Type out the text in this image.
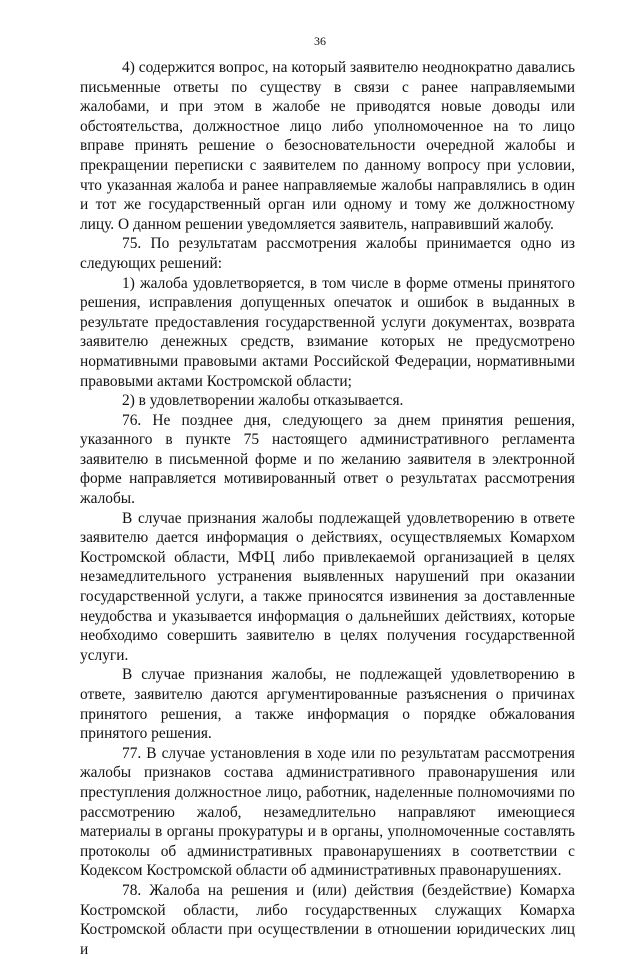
36

4) содержится вопрос, на который заявителю неоднократно давались письменные ответы по существу в связи с ранее направляемыми жалобами, и при этом в жалобе не приводятся новые доводы или обстоятельства, должностное лицо либо уполномоченное на то лицо вправе принять решение о безосновательности очередной жалобы и прекращении переписки с заявителем по данному вопросу при условии, что указанная жалоба и ранее направляемые жалобы направлялись в один и тот же государственный орган или одному и тому же должностному лицу. О данном решении уведомляется заявитель, направивший жалобу.

75. По результатам рассмотрения жалобы принимается одно из следующих решений:

1) жалоба удовлетворяется, в том числе в форме отмены принятого решения, исправления допущенных опечаток и ошибок в выданных в результате предоставления государственной услуги документах, возврата заявителю денежных средств, взимание которых не предусмотрено нормативными правовыми актами Российской Федерации, нормативными правовыми актами Костромской области;

2) в удовлетворении жалобы отказывается.

76. Не позднее дня, следующего за днем принятия решения, указанного в пункте 75 настоящего административного регламента заявителю в письменной форме и по желанию заявителя в электронной форме направляется мотивированный ответ о результатах рассмотрения жалобы.

В случае признания жалобы подлежащей удовлетворению в ответе заявителю дается информация о действиях, осуществляемых Комархом Костромской области, МФЦ либо привлекаемой организацией в целях незамедлительного устранения выявленных нарушений при оказании государственной услуги, а также приносятся извинения за доставленные неудобства и указывается информация о дальнейших действиях, которые необходимо совершить заявителю в целях получения государственной услуги.

В случае признания жалобы, не подлежащей удовлетворению в ответе, заявителю даются аргументированные разъяснения о причинах принятого решения, а также информация о порядке обжалования принятого решения.

77. В случае установления в ходе или по результатам рассмотрения жалобы признаков состава административного правонарушения или преступления должностное лицо, работник, наделенные полномочиями по рассмотрению жалоб, незамедлительно направляют имеющиеся материалы в органы прокуратуры и в органы, уполномоченные составлять протоколы об административных правонарушениях в соответствии с Кодексом Костромской области об административных правонарушениях.

78. Жалоба на решения и (или) действия (бездействие) Комарха Костромской области, либо государственных служащих Комарха Костромской области при осуществлении в отношении юридических лиц и
